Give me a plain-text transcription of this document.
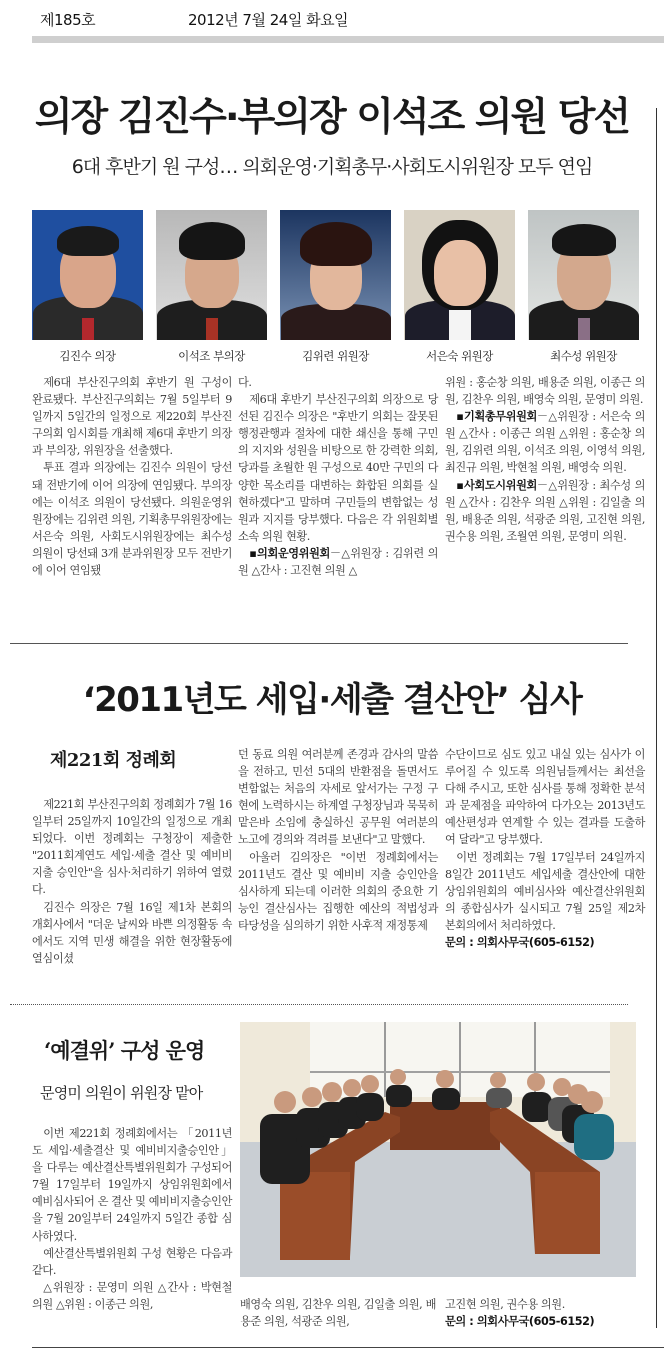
제185호	2012년 7월 24일 화요일
의장 김진수·부의장 이석조 의원 당선
6대 후반기 원 구성… 의회운영·기획총무·사회도시위원장 모두 연임
김진수 의장	이석조 부의장	김위련 위원장	서은숙 위원장	최수성 위원장

제6대 부산진구의회 후반기 원 구성이 완료됐다. 부산진구의회는 7월 5일부터 9일까지 5일간의 일정으로 제220회 부산진구의회 임시회를 개최해 제6대 후반기 의장과 부의장, 위원장을 선출했다.

투표 결과 의장에는 김진수 의원이 당선돼 전반기에 이어 의장에 연임됐다. 부의장에는 이석조 의원이 당선됐다. 의원운영위원장에는 김위련 의원, 기획총무위원장에는 서은숙 의원, 사회도시위원장에는 최수성 의원이 당선돼 3개 분과위원장 모두 전반기에 이어 연임됐

다.

제6대 후반기 부산진구의회 의장으로 당선된 김진수 의장은 "후반기 의회는 잘못된 행정관행과 절차에 대한 쇄신을 통해 구민의 지지와 성원을 비탕으로 한 강력한 의회, 당과를 초월한 원 구성으로 40만 구민의 다양한 목소리를 대변하는 화합된 의회를 실현하겠다"고 말하며 구민들의 변함없는 성원과 지지를 당부했다. 다음은 각 위원회별 소속 의원 현황.

▪의회운영위원회－△위원장 : 김위련 의원 △간사 : 고진현 의원 △

위원 : 홍순창 의원, 배용준 의원, 이종근 의원, 김찬우 의원, 배영숙 의원, 문영미 의원.

▪기획총무위원회－△위원장 : 서은숙 의원 △간사 : 이종근 의원 △위원 : 홍순창 의원, 김위련 의원, 이석조 의원, 이영석 의원, 최진규 의원, 박현철 의원, 배영숙 의원.

▪사회도시위원회－△위원장 : 최수성 의원 △간사 : 김찬우 의원 △위원 : 김일출 의원, 배용준 의원, 석광준 의원, 고진현 의원, 권수용 의원, 조월연 의원, 문영미 의원.

‘2011년도 세입·세출 결산안’ 심사
제221회 정례회

제221회 부산진구의회 정례회가 7월 16일부터 25일까지 10일간의 일정으로 개최되었다. 이번 정례회는 구청장이 제출한 "2011회계연도 세입·세출 결산 및 예비비 지출 승인안"을 심사·처리하기 위하여 열렸다.

김진수 의장은 7월 16일 제1차 본회의 개회사에서 "더운 날씨와 바쁜 의정활동 속에서도 지역 민생 해결을 위한 현장활동에 열심이셨

던 동료 의원 여러분께 존경과 감사의 말씀을 전하고, 민선 5대의 반환점을 돌면서도 변함없는 처음의 자세로 앞서가는 구정 구현에 노력하시는 하계열 구청장님과 묵묵히 맡은바 소임에 충실하신 공무원 여러분의 노고에 경의와 격려를 보낸다"고 말했다.

아울러 김의장은 "이번 정례회에서는 2011년도 결산 및 예비비 지출 승인안을 심사하게 되는데 이러한 의회의 중요한 기능인 결산심사는 집행한 예산의 적법성과 타당성을 심의하기 위한 사후적 재정통제

수단이므로 심도 있고 내실 있는 심사가 이루어질 수 있도록 의원님들께서는 최선을 다해 주시고, 또한 심사를 통해 정확한 분석과 문제점을 파악하여 다가오는 2013년도 예산편성과 연계할 수 있는 결과를 도출하여 달라"고 당부했다.

이번 정례회는 7월 17일부터 24일까지 8일간 2011년도 세입세출 결산안에 대한 상임위원회의 예비심사와 예산결산위원회의 종합심사가 실시되고 7월 25일 제2차 본회의에서 처리하였다.

문의 : 의회사무국(605-6152)

‘예결위’ 구성 운영
문영미 의원이 위원장 맡아

이번 제221회 정례회에서는 「2011년도 세입·세출결산 및 예비비지출승인안」을 다루는 예산결산특별위원회가 구성되어 7월 17일부터 19일까지 상임위원회에서 예비심사되어 온 결산 및 예비비지출승인안을 7월 20일부터 24일까지 5일간 종합 심사하였다.

예산결산특별위원회 구성 현황은 다음과 같다.

△위원장 : 문영미 의원 △간사 : 박현철 의원 △위원 : 이종근 의원,	배영숙 의원, 김찬우 의원, 김일출 의원, 배용준 의원, 석광준 의원,

고진현 의원, 권수용 의원.

문의 : 의회사무국(605-6152)
